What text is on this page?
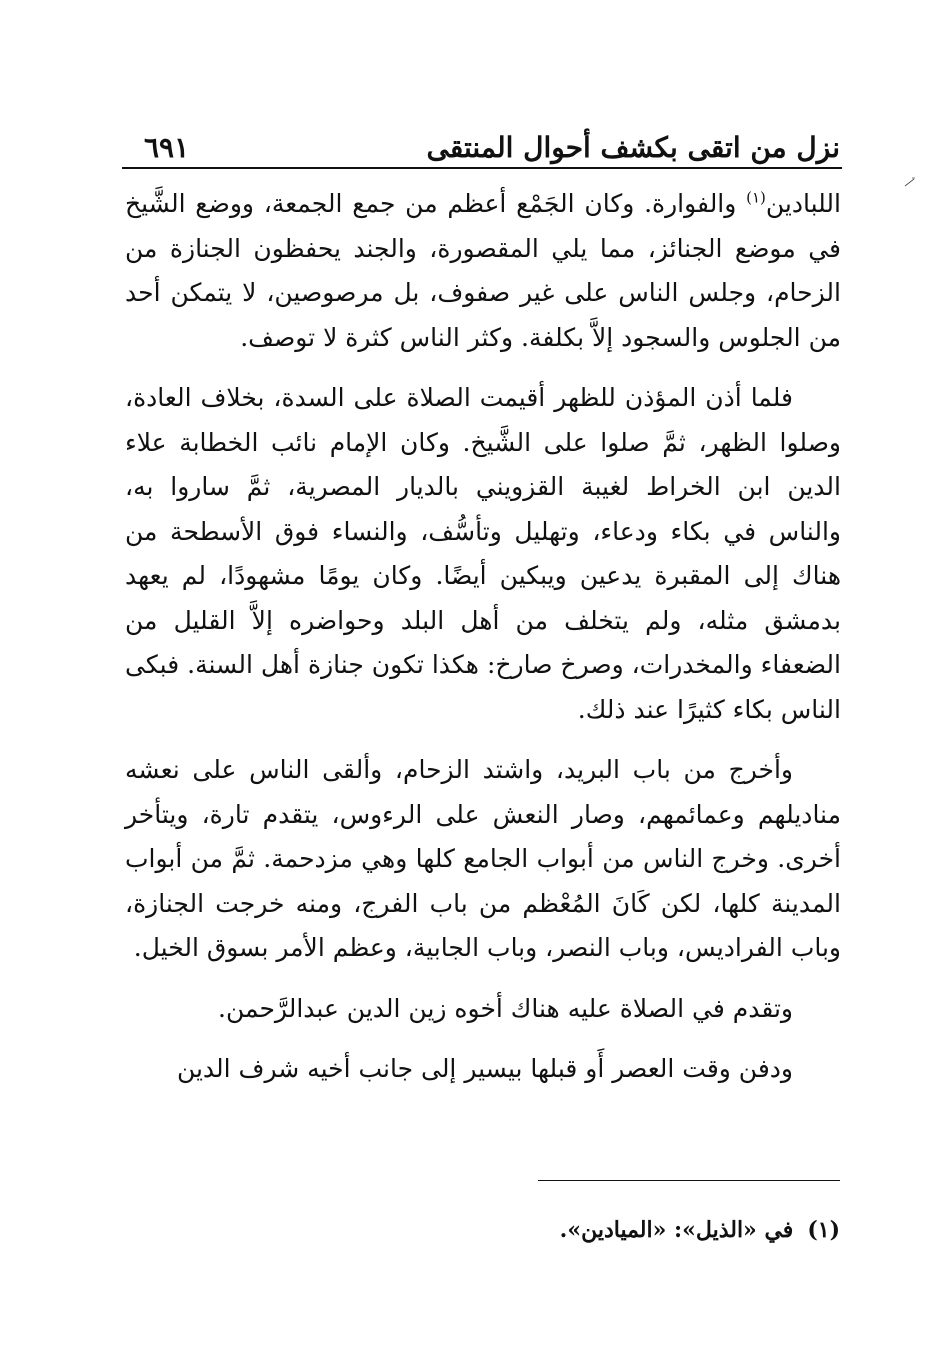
نزل من اتقى بكشف أحوال المنتقى
٦٩١

اللبادين$^{(١)}$ والفوارة. وكان الجَمْع أعظم من جمع الجمعة، ووضع الشَّيخ في موضع الجنائز، مما يلي المقصورة، والجند يحفظون الجنازة من الزحام، وجلس الناس على غير صفوف، بل مرصوصين، لا يتمكن أحد من الجلوس والسجود إلاَّ بكلفة. وكثر الناس كثرة لا توصف.

فلما أذن المؤذن للظهر أقيمت الصلاة على السدة، بخلاف العادة، وصلوا الظهر، ثمَّ صلوا على الشَّيخ. وكان الإمام نائب الخطابة علاء الدين ابن الخراط لغيبة القزويني بالديار المصرية، ثمَّ ساروا به، والناس في بكاء ودعاء، وتهليل وتأسُّف، والنساء فوق الأسطحة من هناك إلى المقبرة يدعين ويبكين أيضًا. وكان يومًا مشهودًا، لم يعهد بدمشق مثله، ولم يتخلف من أهل البلد وحواضره إلاَّ القليل من الضعفاء والمخدرات، وصرخ صارخ: هكذا تكون جنازة أهل السنة. فبكى الناس بكاء كثيرًا عند ذلك.

وأخرج من باب البريد، واشتد الزحام، وألقى الناس على نعشه مناديلهم وعمائمهم، وصار النعش على الرءوس، يتقدم تارة، ويتأخر أخرى. وخرج الناس من أبواب الجامع كلها وهي مزدحمة. ثمَّ من أبواب المدينة كلها، لكن كَانَ المُعْظم من باب الفرج، ومنه خرجت الجنازة، وباب الفراديس، وباب النصر، وباب الجابية، وعظم الأمر بسوق الخيل.

وتقدم في الصلاة عليه هناك أخوه زين الدين عبدالرَّحمن.

ودفن وقت العصر أَو قبلها بيسير إلى جانب أخيه شرف الدين

(١)في «الذيل»: «الميادين».
